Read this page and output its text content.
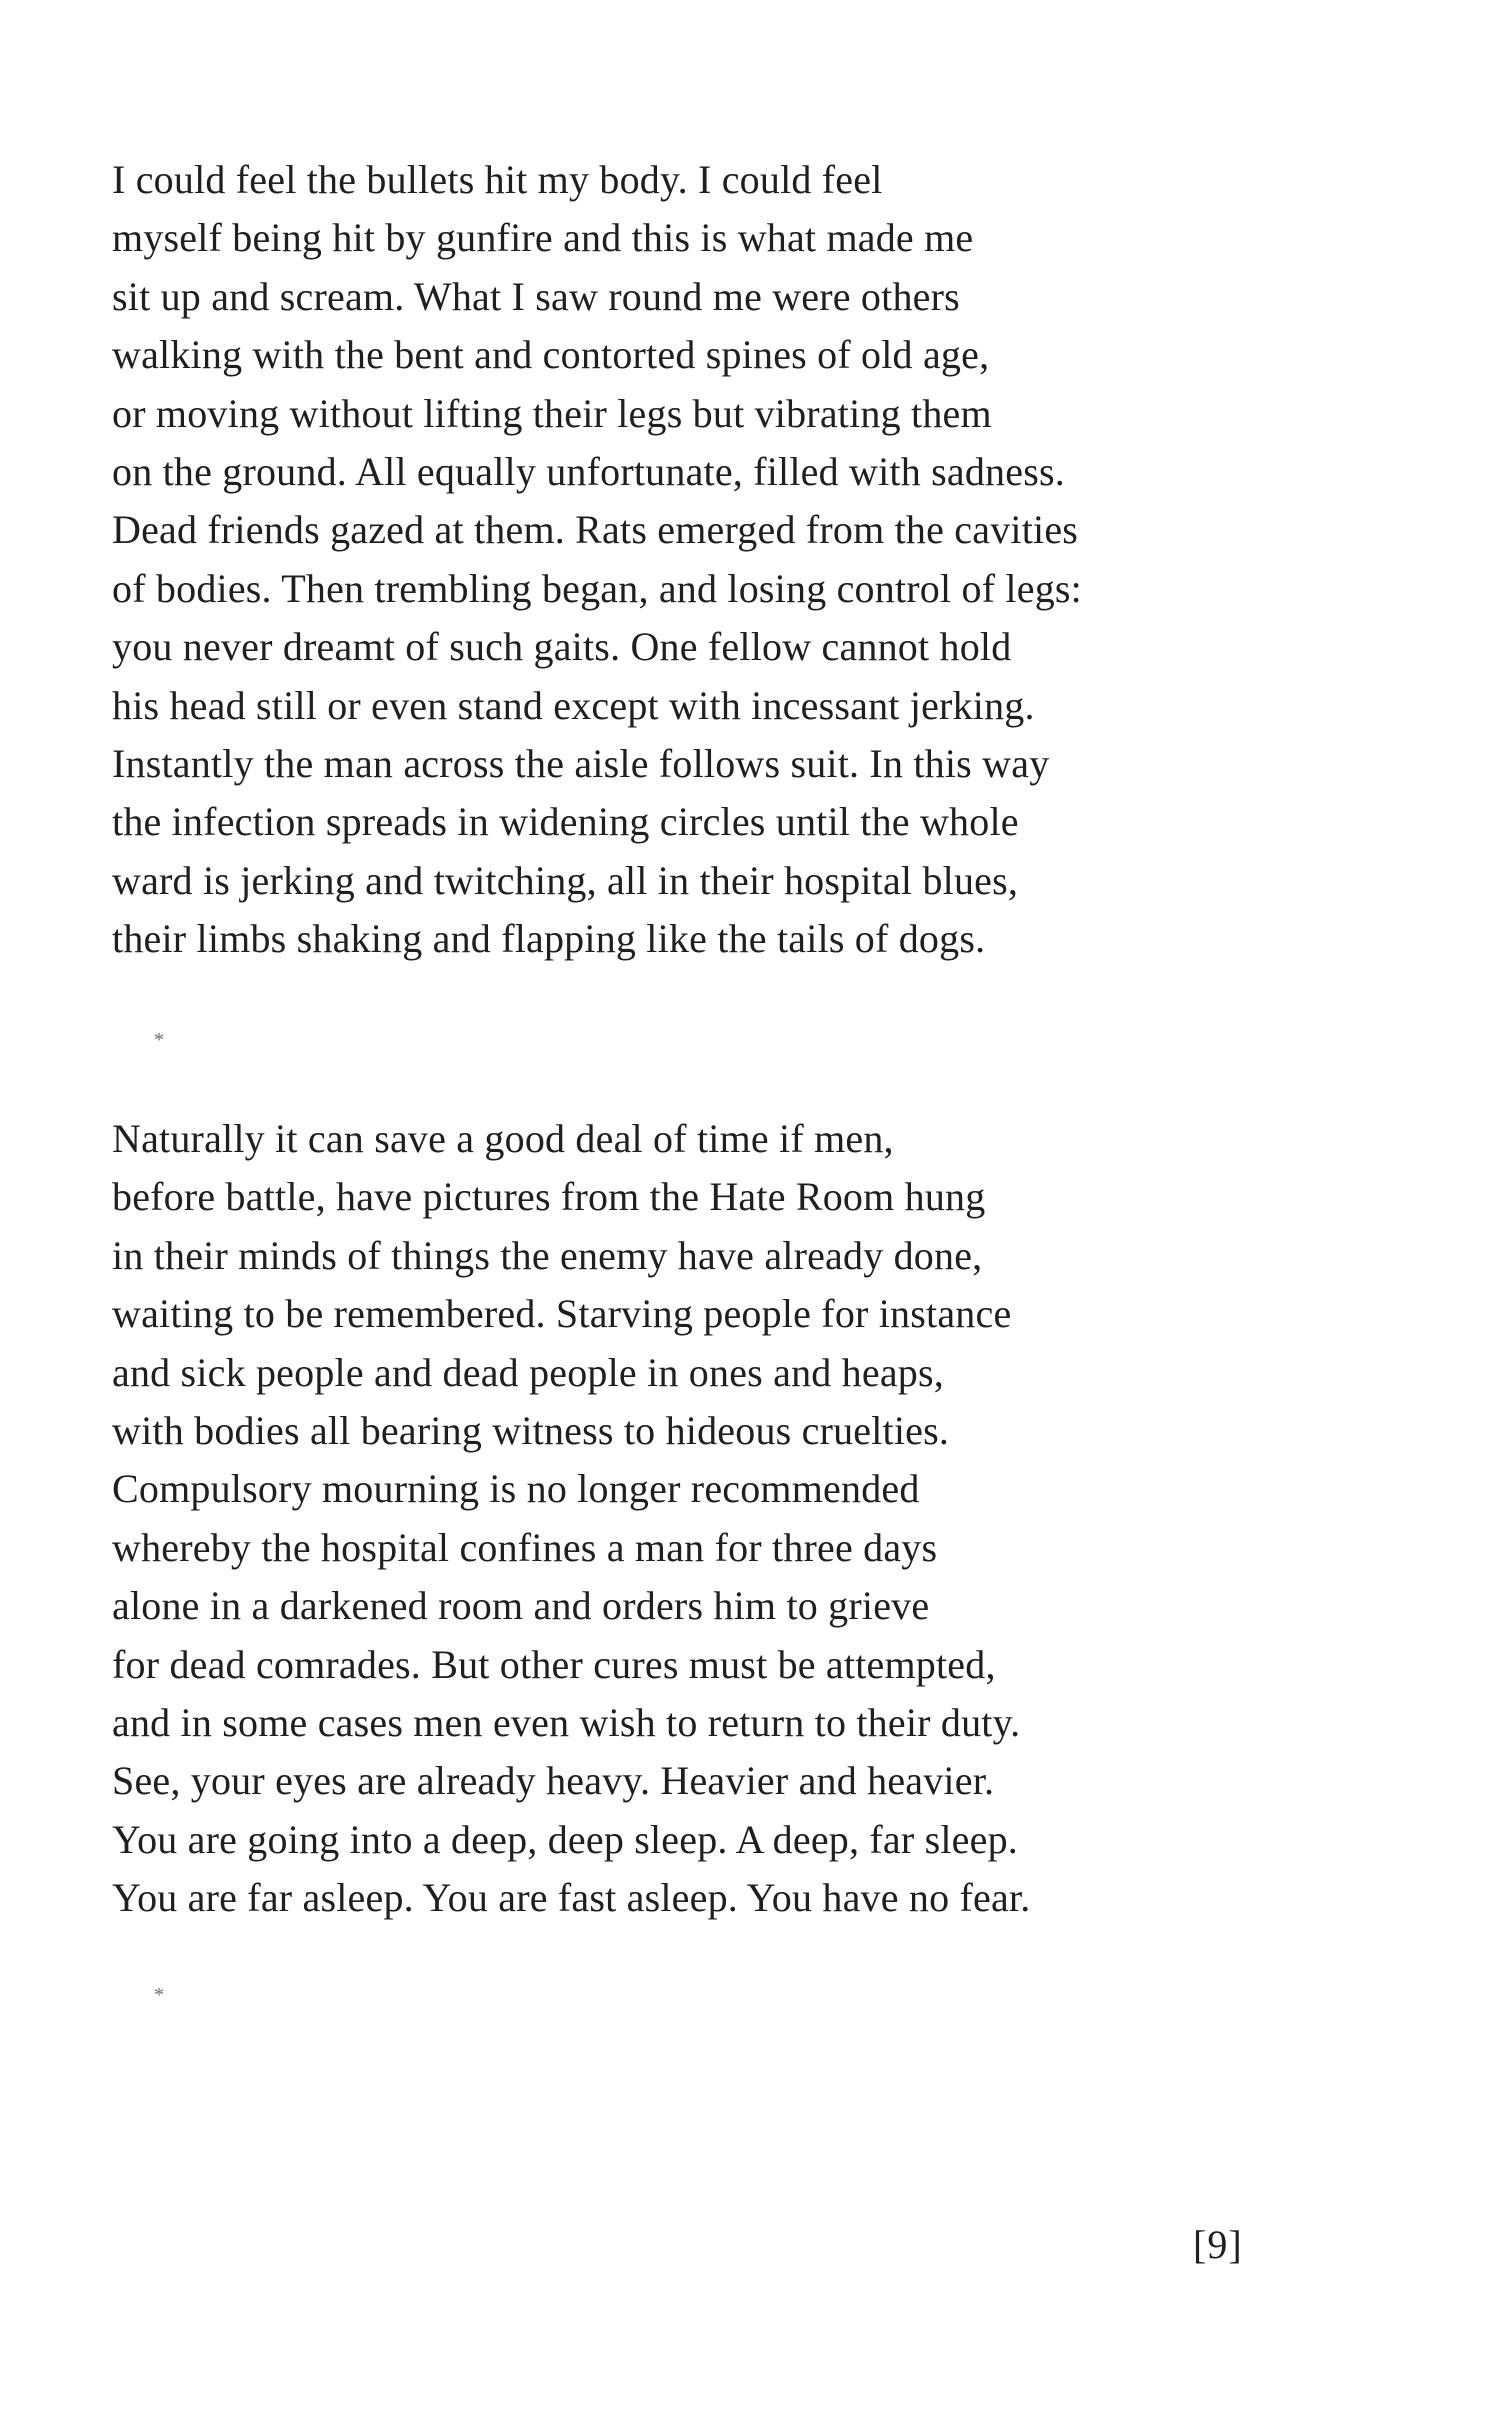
I could feel the bullets hit my body. I could feel
myself being hit by gunfire and this is what made me
sit up and scream. What I saw round me were others
walking with the bent and contorted spines of old age,
or moving without lifting their legs but vibrating them
on the ground. All equally unfortunate, filled with sadness.
Dead friends gazed at them. Rats emerged from the cavities
of bodies. Then trembling began, and losing control of legs:
you never dreamt of such gaits. One fellow cannot hold
his head still or even stand except with incessant jerking.
Instantly the man across the aisle follows suit. In this way
the infection spreads in widening circles until the whole
ward is jerking and twitching, all in their hospital blues,
their limbs shaking and flapping like the tails of dogs.
*
Naturally it can save a good deal of time if men,
before battle, have pictures from the Hate Room hung
in their minds of things the enemy have already done,
waiting to be remembered. Starving people for instance
and sick people and dead people in ones and heaps,
with bodies all bearing witness to hideous cruelties.
Compulsory mourning is no longer recommended
whereby the hospital confines a man for three days
alone in a darkened room and orders him to grieve
for dead comrades. But other cures must be attempted,
and in some cases men even wish to return to their duty.
See, your eyes are already heavy. Heavier and heavier.
You are going into a deep, deep sleep. A deep, far sleep.
You are far asleep. You are fast asleep. You have no fear.
*
[9]
